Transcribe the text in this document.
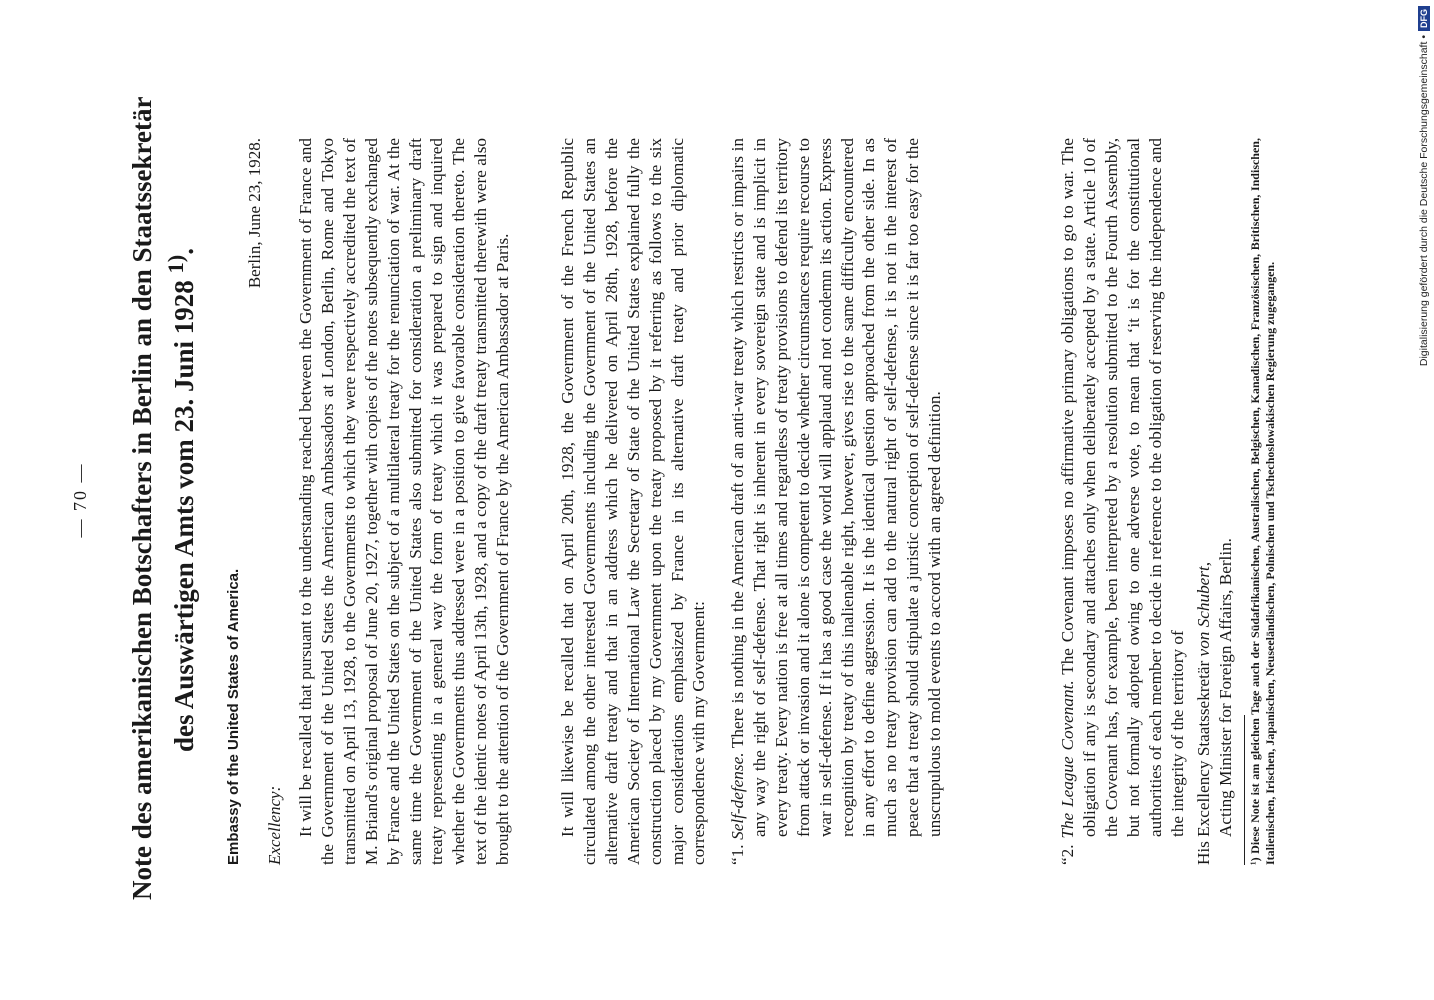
— 70 — Note des amerikanischen Botschafters in Berlin an den Staatssekretär des Auswärtigen Amts vom 23. Juni 1928 $^{1)}$.
Embassy of the United States of America.
Berlin, June 23, 1928.
Excellency: It will be recalled that pursuant to the understanding reached between the Government of France and the Government of the United States the American Ambassadors at London, Berlin, Rome and Tokyo transmitted on April 13, 1928, to the Governments to which they were respectively accredited the text of M. Briand's original proposal of June 20, 1927, together with copies of the notes subsequently exchanged by France and the United States on the subject of a multilateral treaty for the renunciation of war. At the same time the Government of the United States also submitted for consideration a preliminary draft treaty representing in a general way the form of treaty which it was prepared to sign and inquired whether the Governments thus addressed were in a position to give favorable consideration thereto. The text of the identic notes of April 13th, 1928, and a copy of the draft treaty transmitted therewith were also brought to the attention of the Government of France by the American Ambassador at Paris.	It will likewise be recalled that on April 20th, 1928, the Government of the French Republic circulated among the other interested Governments including the Government of the United States an alternative draft treaty and that in an address which he delivered on April 28th, 1928, before the American Society of International Law the Secretary of State of the United States explained fully the construction placed by my Government upon the treaty proposed by it referring as follows to the six major considerations emphasized by France in its alternative draft treaty and prior diplomatic correspondence with my Government: “1. Self-defense. There is nothing in the American draft of an anti-war treaty which restricts or impairs in any way the right of self-defense. That right is inherent in every sovereign state and is implicit in every treaty. Every nation is free at all times and regardless of treaty provisions to defend its territory from attack or invasion and it alone is competent to decide whether circumstances require recourse to war in self-defense. If it has a good case the world will applaud and not condemn its action. Express recognition by treaty of this inalienable right, however, gives rise to the same difficulty encountered in any effort to define aggression. It is the identical question approached from the other side. In as much as no treaty provision can add to the natural right of self-defense, it is not in the interest of peace that a treaty should stipulate a juristic conception of self-defense since it is far too easy for the unscrupulous to mold events to accord with an agreed definition.

“2. The League Covenant. The Covenant imposes no affirmative primary obligations to go to war. The obligation if any is secondary and attaches only when deliberately accepted by a state. Article 10 of the Covenant has, for example, been interpreted by a resolution submitted to the Fourth Assembly, but not formally adopted owing to one adverse vote, to mean that ‘it is for the constitutional authorities of each member to decide in reference to the obligation of reserving the independence and the integrity of the territory of His Excellency Staatssekretär von Schubert, Acting Minister for Foreign Affairs, Berlin. ¹) Diese Note ist am gleichen Tage auch der Südafrikanischen, Australischen, Belgischen, Kanadischen, Französischen, Britischen, Indischen, Italienischen, Irischen, Japanischen, Neuseeländischen, Polnischen und Tschechoslowakischen Regierung zugegangen.
Digitalisierung gefördert durch die Deutsche Forschungsgemeinschaft •
DFG
